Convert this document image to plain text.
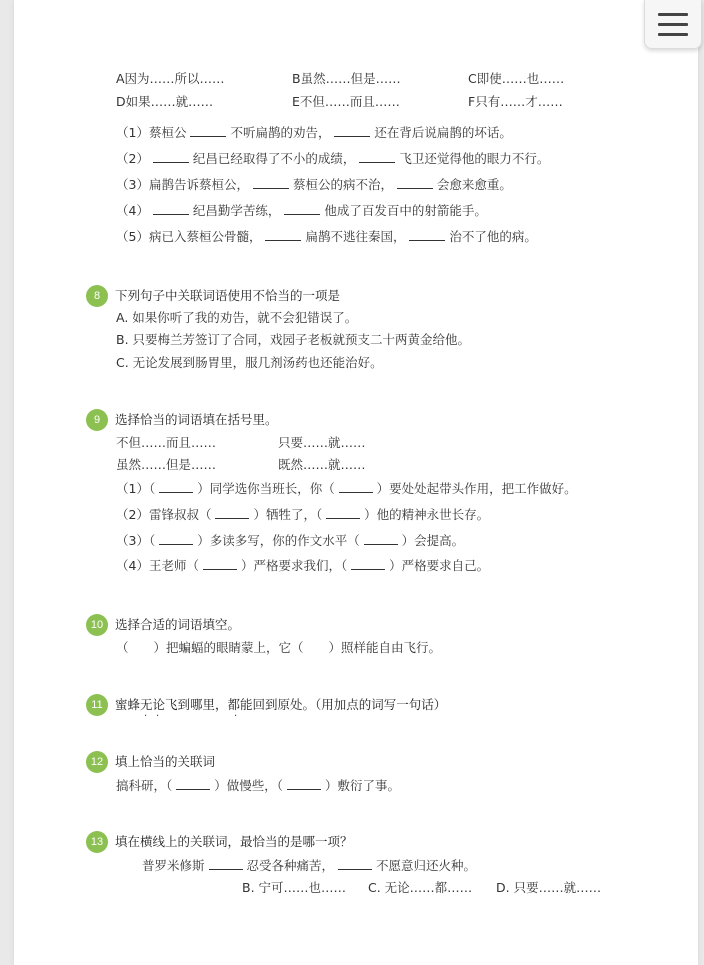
A因为……所以……	B虽然……但是……	C即使……也……
D如果……就……	E不但……而且……	F只有……才……
（1）蔡桓公	不听扁鹊的劝告，	还在背后说扁鹊的坏话。
（2）	纪昌已经取得了不小的成绩，	飞卫还觉得他的眼力不行。
（3）扁鹊告诉蔡桓公，	蔡桓公的病不治，	会愈来愈重。
（4）	纪昌勤学苦练，	他成了百发百中的射箭能手。
（5）病已入蔡桓公骨髓，	扁鹊不逃往秦国，	治不了他的病。
8	下列句子中关联词语使用不恰当的一项是
A. 如果你听了我的劝告，就不会犯错误了。
B. 只要梅兰芳签订了合同，戏园子老板就预支二十两黄金给他。
C. 无论发展到肠胃里，服几剂汤药也还能治好。
9	选择恰当的词语填在括号里。
不但……而且……	只要……就……
虽然……但是……	既然……就……
（1）（	）同学选你当班长，你（	）要处处起带头作用，把工作做好。
（2）雷锋叔叔（	）牺牲了，（	）他的精神永世长存。
（3）（	）多读多写，你的作文水平（	）会提高。
（4）王老师（	）严格要求我们，（	）严格要求自己。
10 选择合适的词语填空。
（　　）把蝙蝠的眼睛蒙上，它（　　）照样能自由飞行。
11 蜜蜂无论飞到哪里，都能回到原处。（用加点的词写一句话）
· ·	·
12 填上恰当的关联词
搞科研，（	）做慢些，（	）敷衍了事。
13 填在横线上的关联词，最恰当的是哪一项？
普罗米修斯	忍受各种痛苦，	不愿意归还火种。
B. 宁可……也…… C. 无论……都…… D. 只要……就……
